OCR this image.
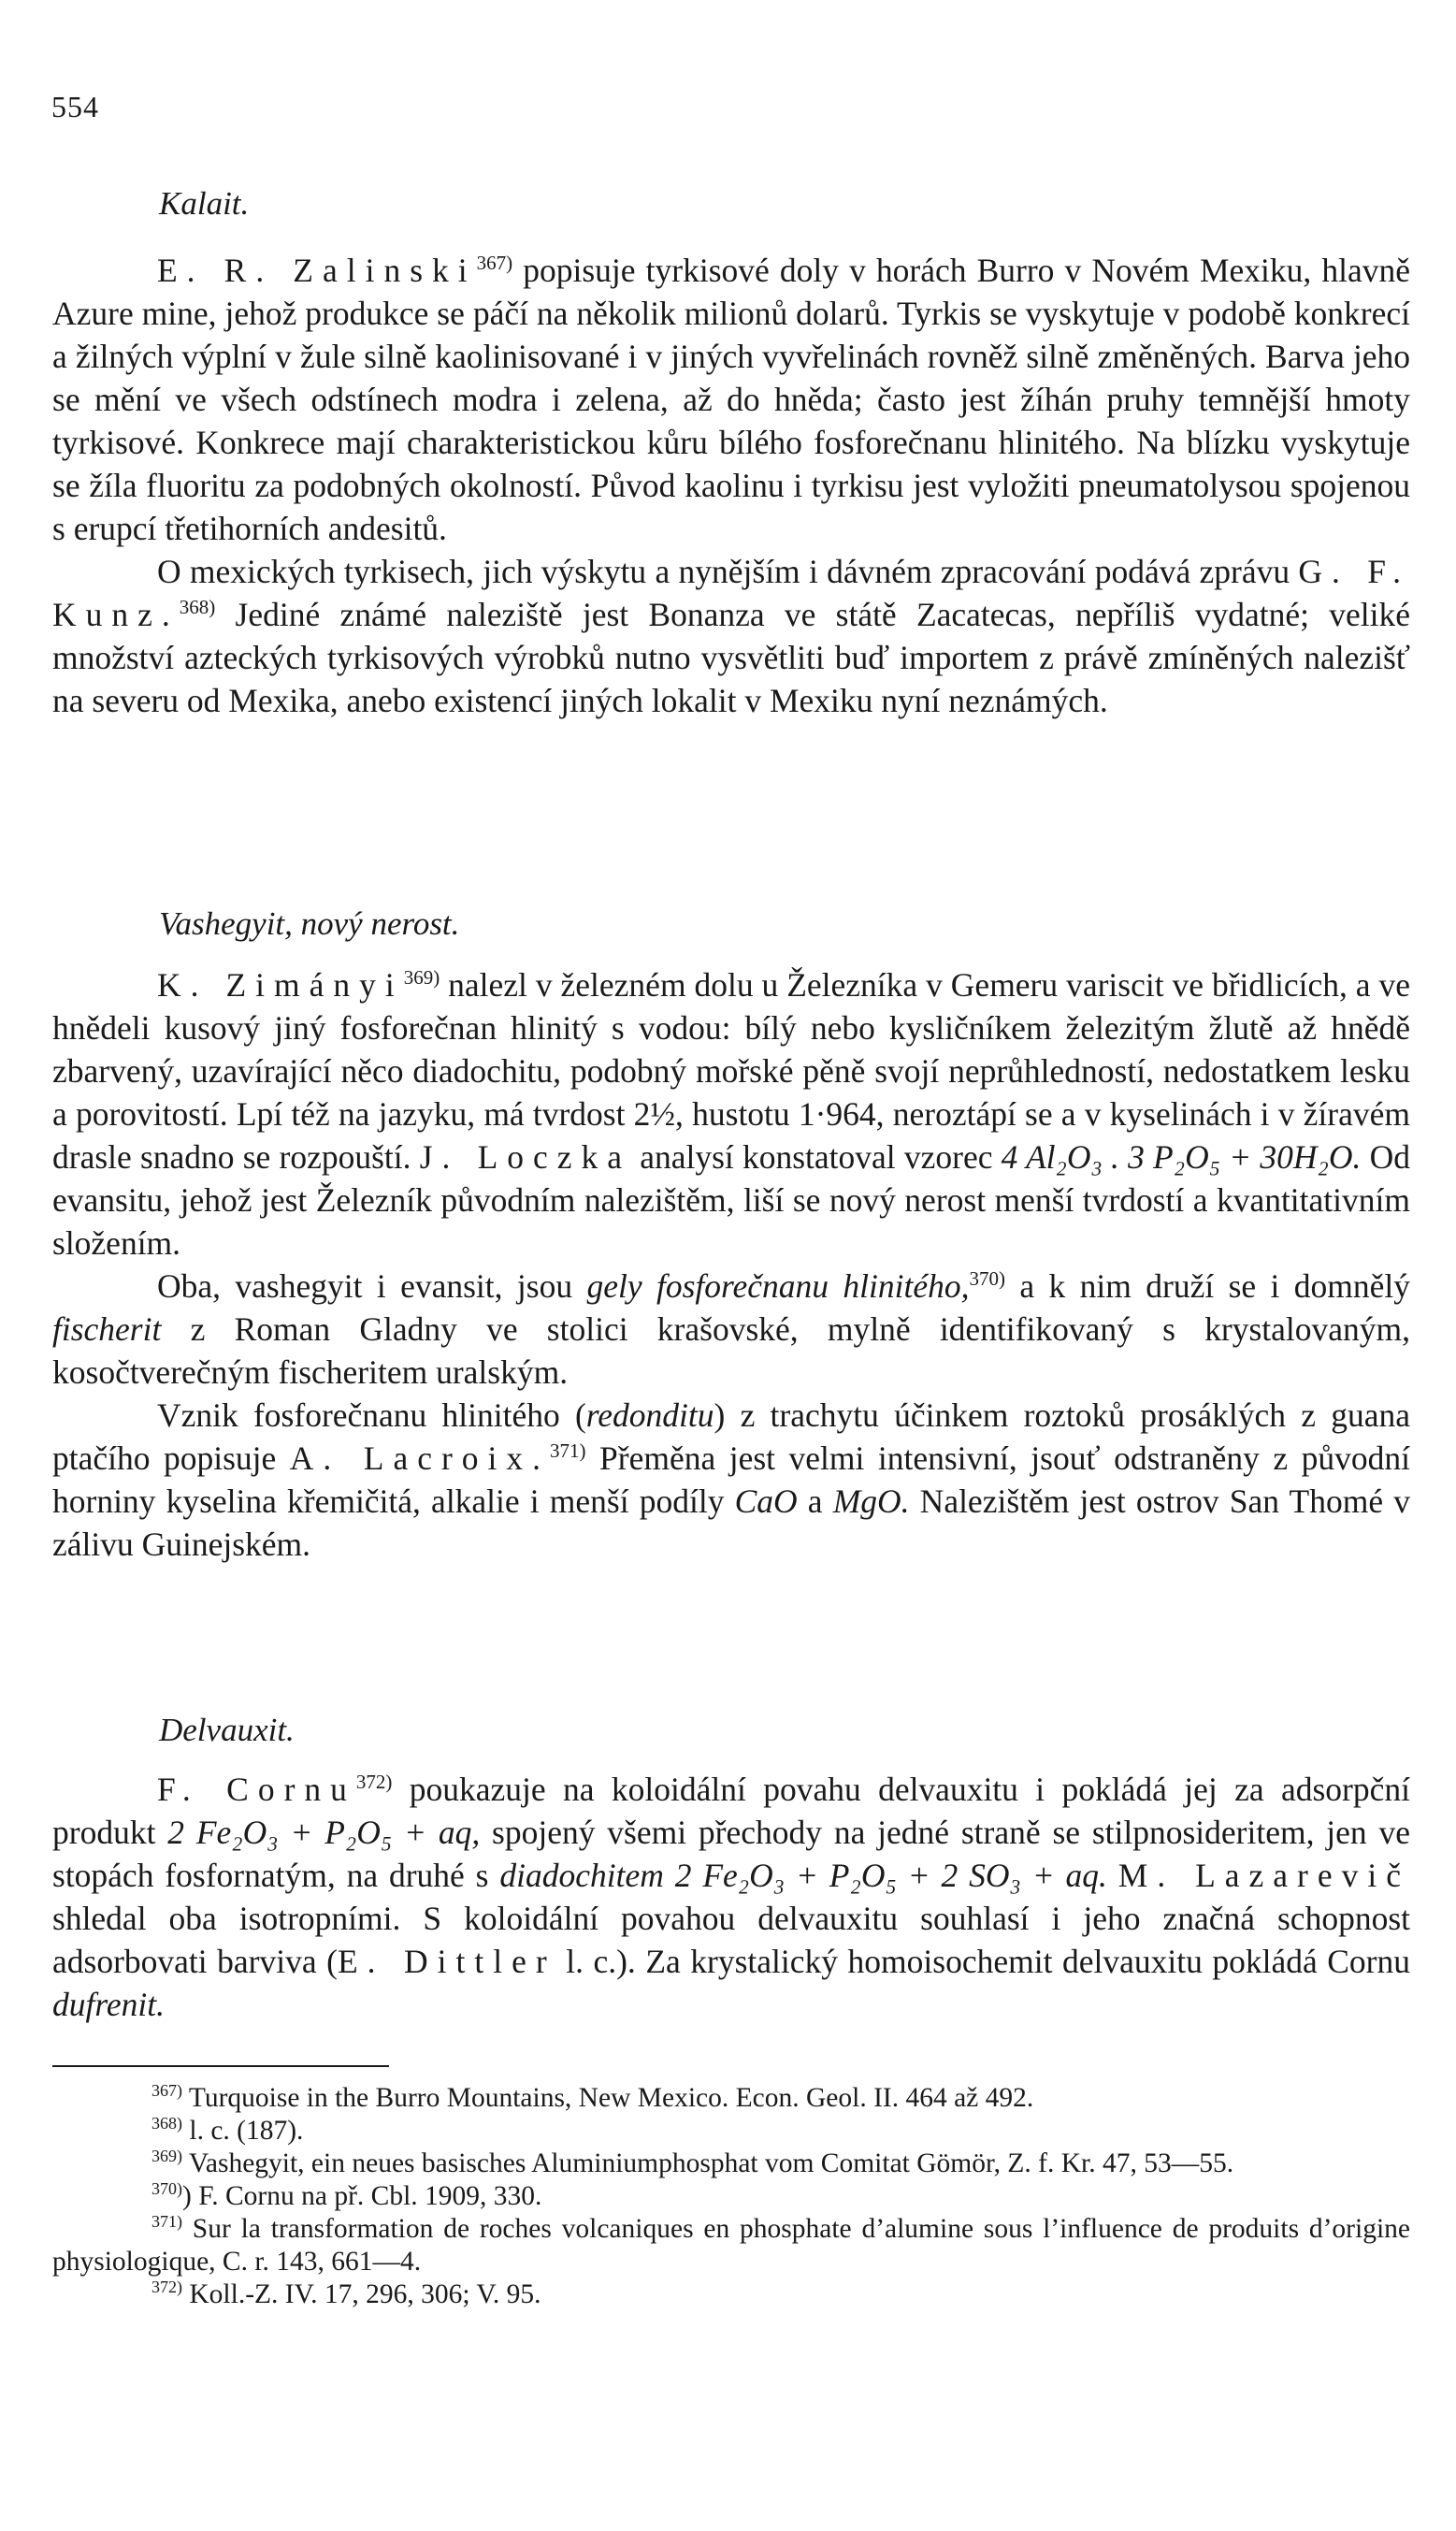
554
Kalait.

E. R. Zalinski$^{367)}$ popisuje tyrkisové doly v horách Burro v Novém Mexiku, hlavně Azure mine, jehož produkce se páčí na několik milionů dolarů. Tyrkis se vyskytuje v podobě konkrecí a žilných výplní v žule silně kaolinisované i v jiných vyvřelinách rovněž silně změněných. Barva jeho se mění ve všech odstínech modra i zelena, až do hněda; často jest žíhán pruhy temnější hmoty tyrkisové. Konkrece mají charakteristickou kůru bílého fosforečnanu hlinitého. Na blízku vyskytuje se žíla fluoritu za podobných okolností. Původ kaolinu i tyrkisu jest vyložiti pneumatolysou spojenou s erupcí třetihorních andesitů.

O mexických tyrkisech, jich výskytu a nynějším i dávném zpracování podává zprávu G. F. Kunz.$^{368)}$ Jediné známé naleziště jest Bonanza ve státě Zacatecas, nepříliš vydatné; veliké množství azteckých tyrkisových výrobků nutno vysvětliti buď importem z právě zmíněných nalezišť na severu od Mexika, anebo existencí jiných lokalit v Mexiku nyní neznámých.

Vashegyit, nový nerost.

K. Zimányi$^{369)}$ nalezl v železném dolu u Železníka v Gemeru variscit ve břidlicích, a ve hnědeli kusový jiný fosforečnan hlinitý s vodou: bílý nebo kysličníkem železitým žlutě až hnědě zbarvený, uzavírající něco diadochitu, podobný mořské pěně svojí neprůhledností, nedostatkem lesku a porovitostí. Lpí též na jazyku, má tvrdost 2½, hustotu 1·964, neroztápí se a v kyselinách i v žíravém drasle snadno se rozpouští. J. Loczka analysí konstatoval vzorec 4 Al₂O₃ . 3 P₂O₅ + 30H₂O. Od evansitu, jehož jest Železník původním nalezištěm, liší se nový nerost menší tvrdostí a kvantitativním složením.

Oba, vashegyit i evansit, jsou gely fosforečnanu hlinitého,$^{370)}$ a k nim druží se i domnělý fischerit z Roman Gladny ve stolici krašovské, mylně identifikovaný s krystalovaným, kosočtverečným fischeritem uralským.

Vznik fosforečnanu hlinitého (redonditu) z trachytu účinkem roztoků prosáklých z guana ptačího popisuje A. Lacroix.$^{371)}$ Přeměna jest velmi intensivní, jsouť odstraněny z původní horniny kyselina křemičitá, alkalie i menší podíly CaO a MgO. Nalezištěm jest ostrov San Thomé v zálivu Guinejském.

Delvauxit.

F. Cornu$^{372)}$ poukazuje na koloidální povahu delvauxitu i pokládá jej za adsorpční produkt 2 Fe₂O₃ + P₂O₅ + aq, spojený všemi přechody na jedné straně se stilpnosideritem, jen ve stopách fosfornatým, na druhé s diadochitem 2 Fe₂O₃ + P₂O₅ + 2 SO₃ + aq. M. Lazarevič shledal oba isotropními. S koloidální povahou delvauxitu souhlasí i jeho značná schopnost adsorbovati barviva (E. Dittler l. c.). Za krystalický homoisochemit delvauxitu pokládá Cornu dufrenit.

$^{367)}$ Turquoise in the Burro Mountains, New Mexico. Econ. Geol. II. 464 až 492.

$^{368)}$ l. c. (187).

$^{369)}$ Vashegyit, ein neues basisches Aluminiumphosphat vom Comitat Gömör, Z. f. Kr. 47, 53—55.

$^{370)}$) F. Cornu na př. Cbl. 1909, 330.

$^{371)}$ Sur la transformation de roches volcaniques en phosphate d’alumine sous l’influence de produits d’origine physiologique, C. r. 143, 661—4.

$^{372)}$ Koll.-Z. IV. 17, 296, 306; V. 95.
